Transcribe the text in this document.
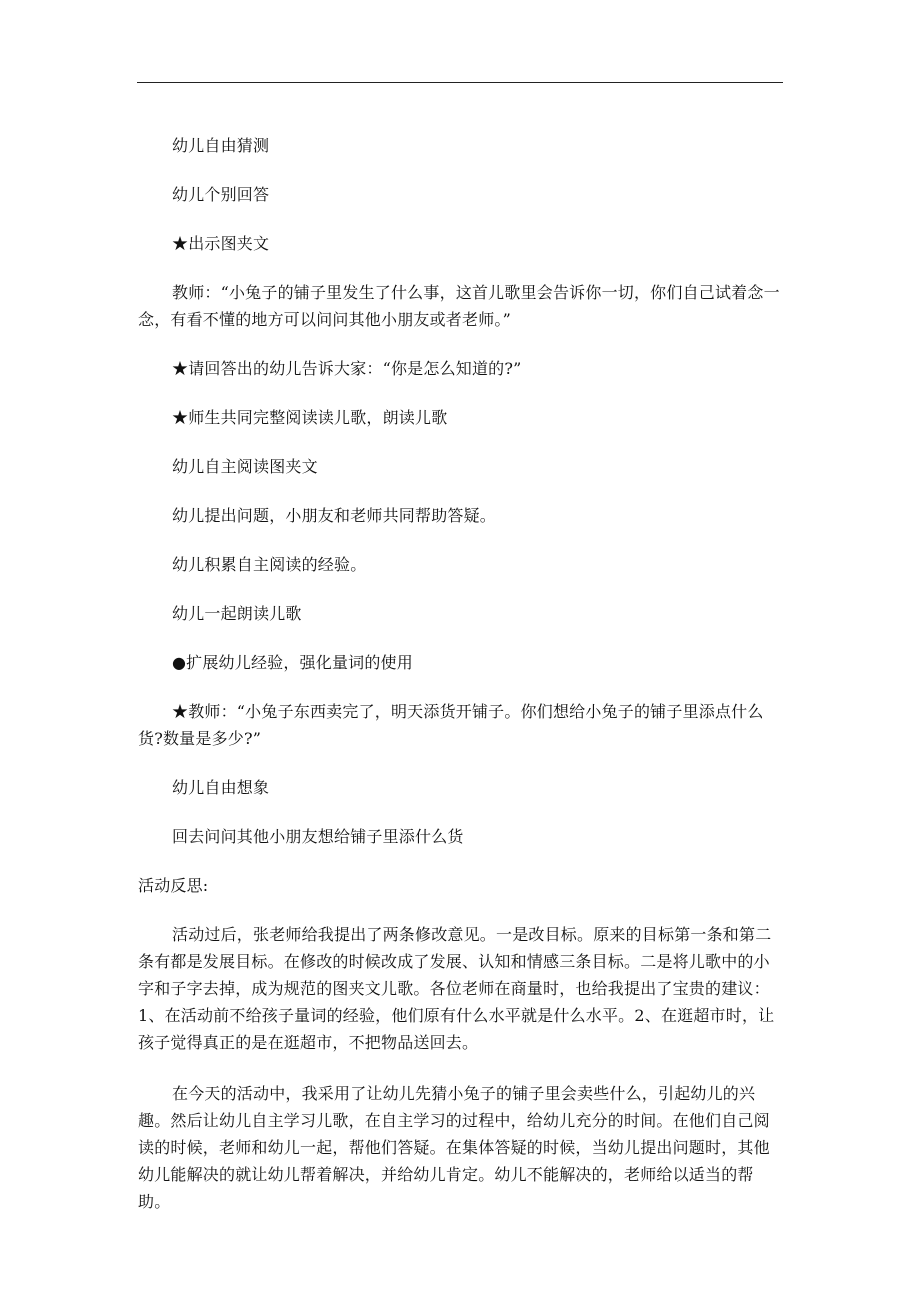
幼儿自由猜测

幼儿个别回答

★出示图夹文

教师：“小兔子的铺子里发生了什么事，这首儿歌里会告诉你一切，你们自己试着念一念，有看不懂的地方可以问问其他小朋友或者老师。”

★请回答出的幼儿告诉大家：“你是怎么知道的?”

★师生共同完整阅读读儿歌，朗读儿歌

幼儿自主阅读图夹文

幼儿提出问题，小朋友和老师共同帮助答疑。

幼儿积累自主阅读的经验。

幼儿一起朗读儿歌

●扩展幼儿经验，强化量词的使用

★教师：“小兔子东西卖完了，明天添货开铺子。你们想给小兔子的铺子里添点什么货?数量是多少?”

幼儿自由想象

回去问问其他小朋友想给铺子里添什么货

活动反思:

活动过后，张老师给我提出了两条修改意见。一是改目标。原来的目标第一条和第二条有都是发展目标。在修改的时候改成了发展、认知和情感三条目标。二是将儿歌中的小字和子字去掉，成为规范的图夹文儿歌。各位老师在商量时，也给我提出了宝贵的建议：1、在活动前不给孩子量词的经验，他们原有什么水平就是什么水平。2、在逛超市时，让孩子觉得真正的是在逛超市，不把物品送回去。

在今天的活动中，我采用了让幼儿先猜小兔子的铺子里会卖些什么，引起幼儿的兴趣。然后让幼儿自主学习儿歌，在自主学习的过程中，给幼儿充分的时间。在他们自己阅读的时候，老师和幼儿一起，帮他们答疑。在集体答疑的时候，当幼儿提出问题时，其他幼儿能解决的就让幼儿帮着解决，并给幼儿肯定。幼儿不能解决的，老师给以适当的帮助。
